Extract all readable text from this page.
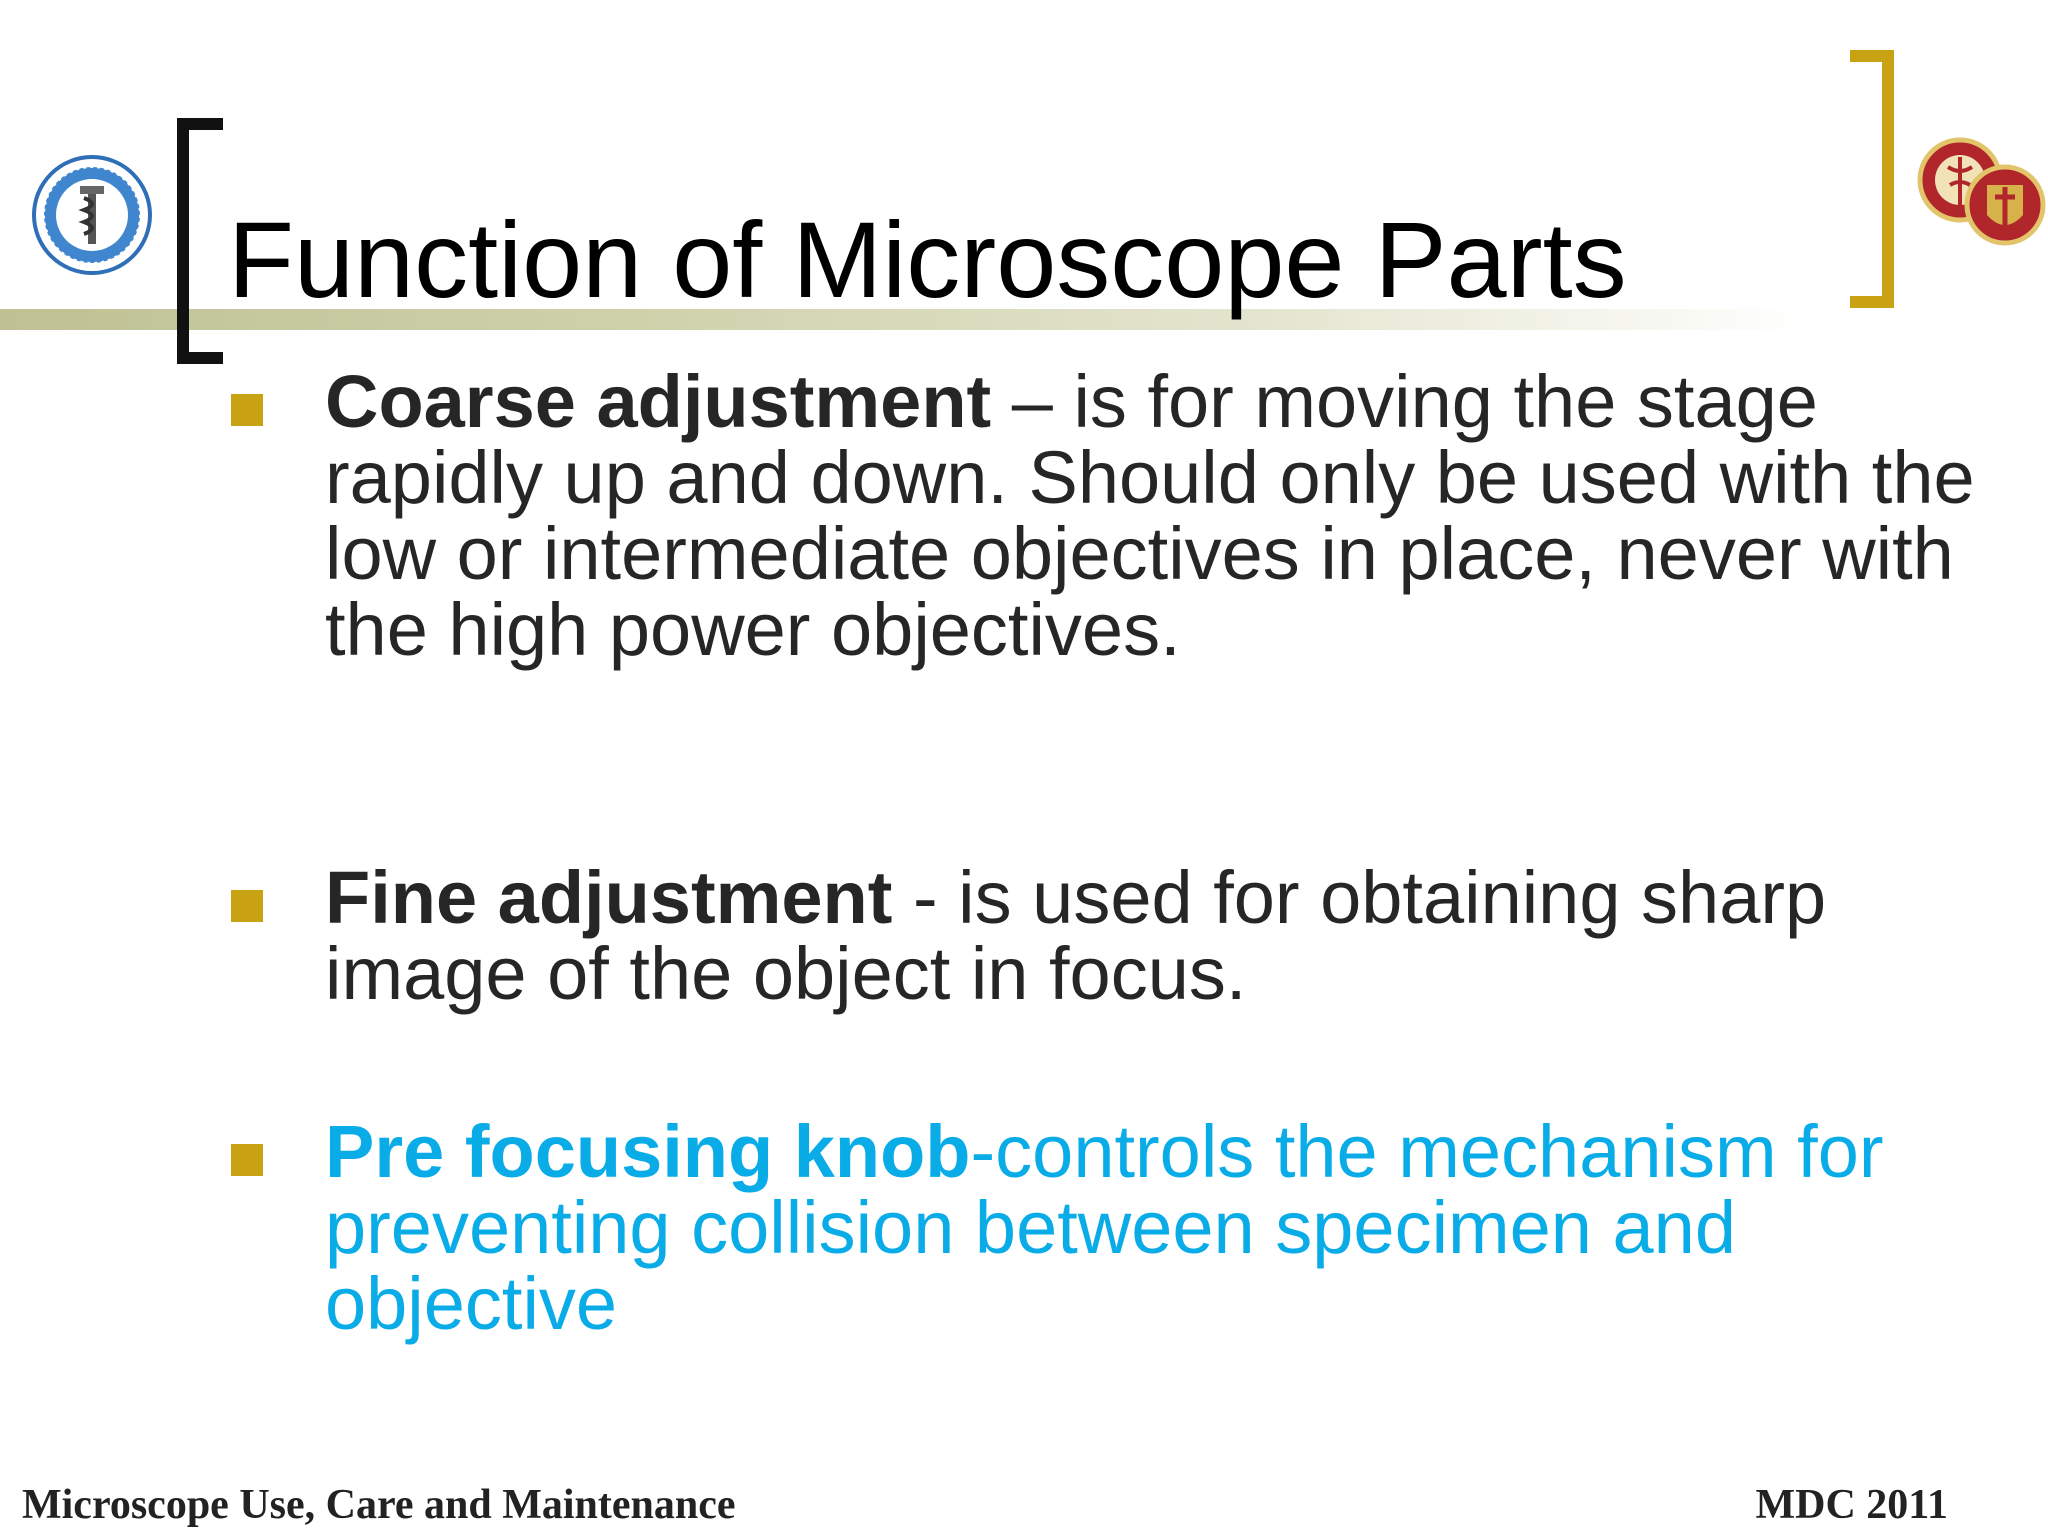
Function of Microscope Parts

Coarse adjustment – is for moving the stage rapidly up and down. Should only be used with the low or intermediate objectives in place, never with the high power objectives.

Fine adjustment - is used for obtaining sharp image of the object in focus.

Pre focusing knob-controls the mechanism for preventing collision between specimen and objective

Microscope Use, Care and Maintenance	MDC 2011
